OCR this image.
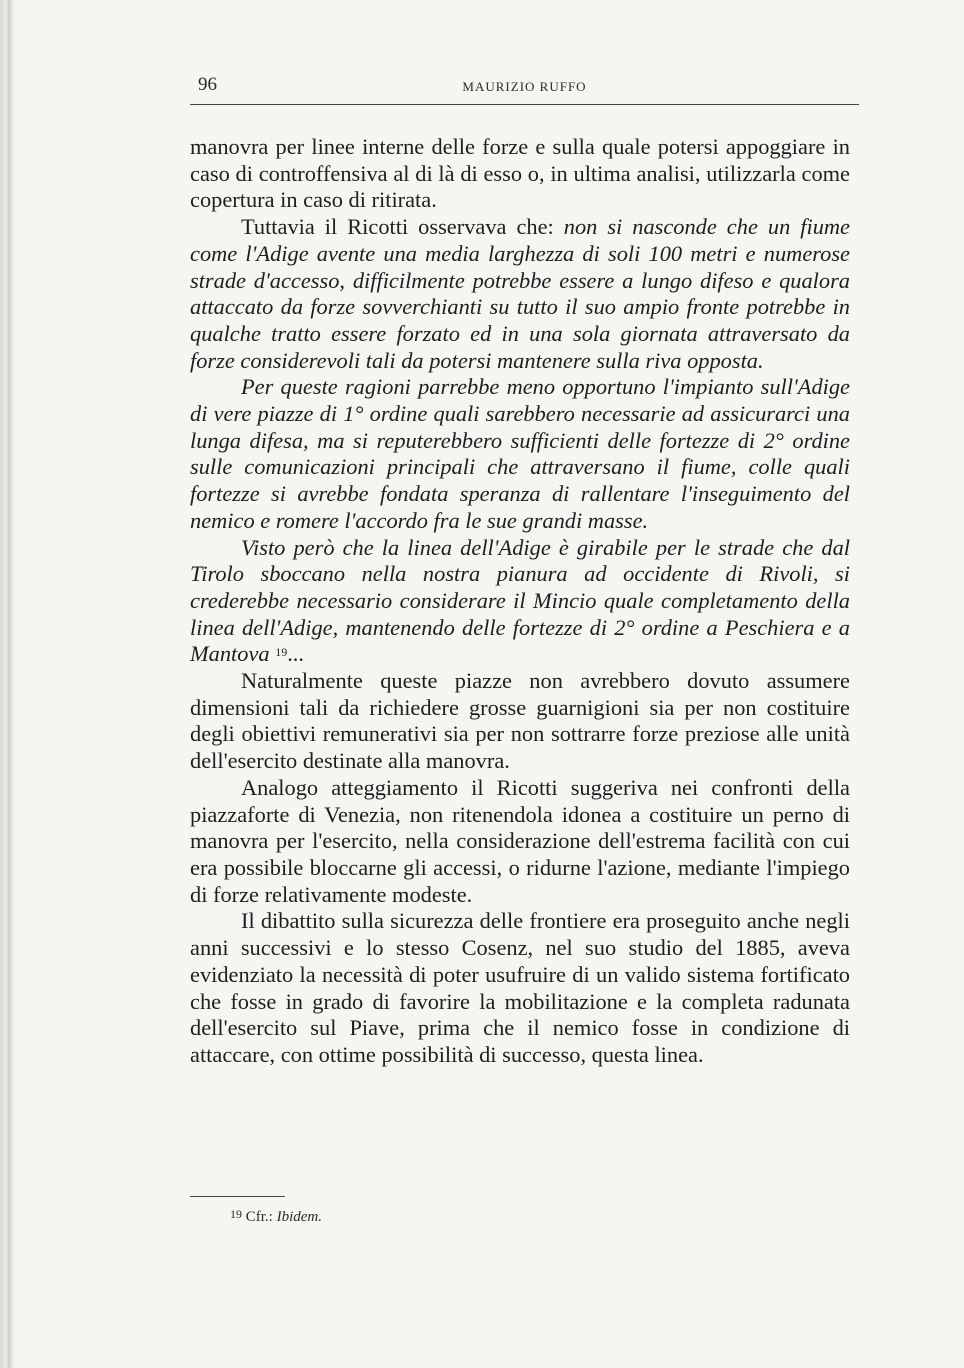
96	MAURIZIO RUFFO

manovra per linee interne delle forze e sulla quale potersi appoggiare in caso di controffensiva al di là di esso o, in ultima analisi, utilizzarla come copertura in caso di ritirata.

Tuttavia il Ricotti osservava che: non si nasconde che un fiume come l'Adige avente una media larghezza di soli 100 metri e numerose strade d'accesso, difficilmente potrebbe essere a lungo difeso e qualora attaccato da forze sovverchianti su tutto il suo ampio fronte potrebbe in qualche tratto essere forzato ed in una sola giornata attraversato da forze considerevoli tali da potersi mantenere sulla riva opposta.

Per queste ragioni parrebbe meno opportuno l'impianto sull'Adige di vere piazze di 1° ordine quali sarebbero necessarie ad assicurarci una lunga difesa, ma si reputerebbero sufficienti delle fortezze di 2° ordine sulle comunicazioni principali che attraversano il fiume, colle quali fortezze si avrebbe fondata speranza di rallentare l'inseguimento del nemico e romere l'accordo fra le sue grandi masse.

Visto però che la linea dell'Adige è girabile per le strade che dal Tirolo sboccano nella nostra pianura ad occidente di Rivoli, si crederebbe necessario considerare il Mincio quale completamento della linea dell'Adige, mantenendo delle fortezze di 2° ordine a Peschiera e a Mantova $^{19}$...

Naturalmente queste piazze non avrebbero dovuto assumere dimensioni tali da richiedere grosse guarnigioni sia per non costituire degli obiettivi remunerativi sia per non sottrarre forze preziose alle unità dell'esercito destinate alla manovra.

Analogo atteggiamento il Ricotti suggeriva nei confronti della piazzaforte di Venezia, non ritenendola idonea a costituire un perno di manovra per l'esercito, nella considerazione dell'estrema facilità con cui era possibile bloccarne gli accessi, o ridurne l'azione, mediante l'impiego di forze relativamente modeste.

Il dibattito sulla sicurezza delle frontiere era proseguito anche negli anni successivi e lo stesso Cosenz, nel suo studio del 1885, aveva evidenziato la necessità di poter usufruire di un valido sistema fortificato che fosse in grado di favorire la mobilitazione e la completa radunata dell'esercito sul Piave, prima che il nemico fosse in condizione di attaccare, con ottime possibilità di successo, questa linea.

$^{19}$ Cfr.: Ibidem.
